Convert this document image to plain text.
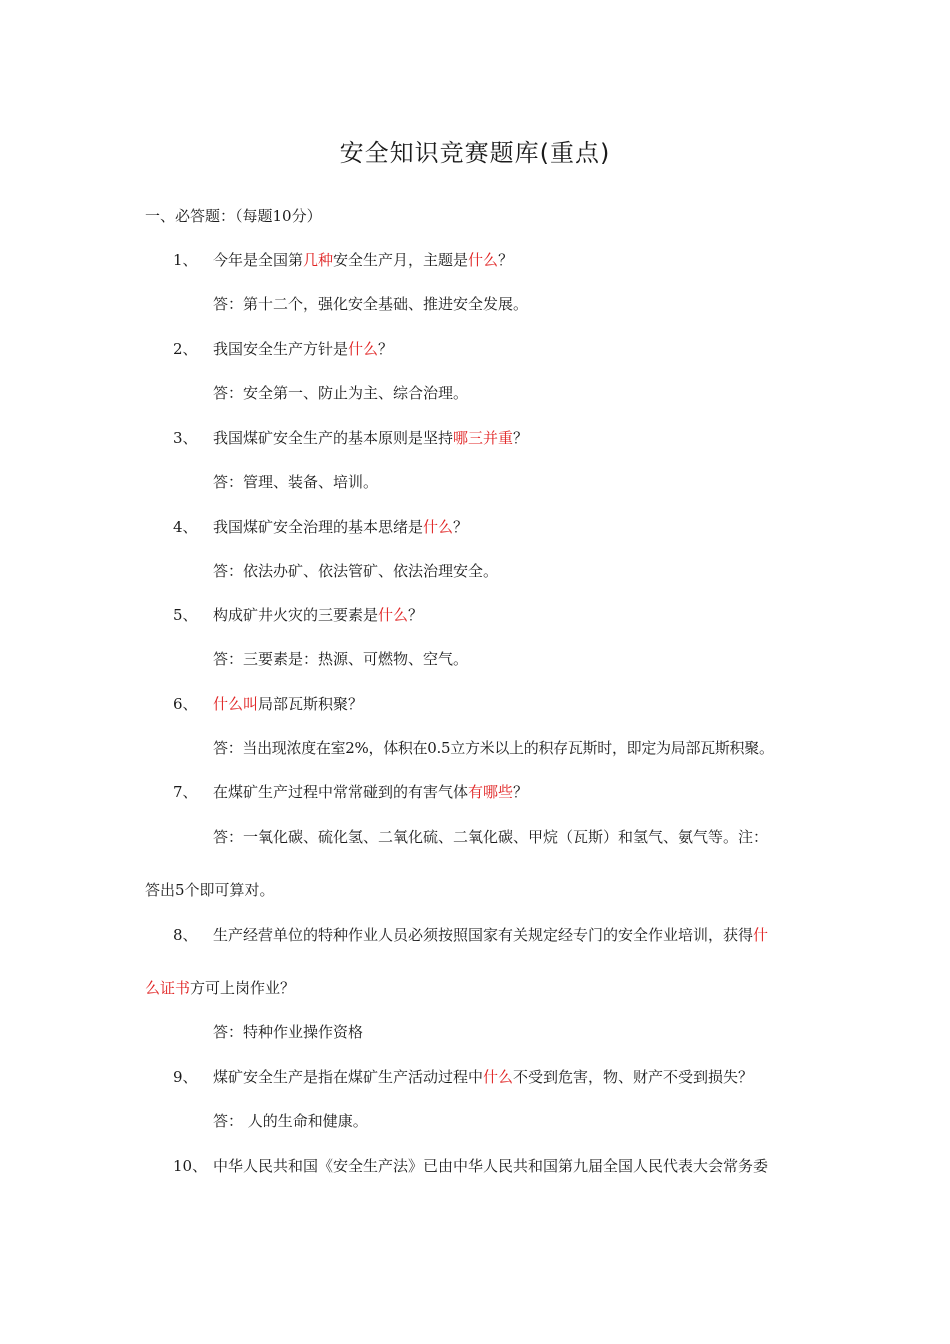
安全知识竞赛题库(重点)
一、必答题：（每题10分）
1、 今年是全国第几种安全生产月，主题是什么？
答：第十二个，强化安全基础、推进安全发展。
2、 我国安全生产方针是什么？
答：安全第一、防止为主、综合治理。
3、 我国煤矿安全生产的基本原则是坚持哪三并重？
答：管理、装备、培训。
4、 我国煤矿安全治理的基本思绪是什么？
答：依法办矿、依法管矿、依法治理安全。
5、 构成矿井火灾的三要素是什么？
答：三要素是：热源、可燃物、空气。
6、 什么叫局部瓦斯积聚？
答：当出现浓度在室2%，体积在0.5立方米以上的积存瓦斯时，即定为局部瓦斯积聚。
7、 在煤矿生产过程中常常碰到的有害气体有哪些？
答：一氧化碳、硫化氢、二氧化硫、二氧化碳、甲烷（瓦斯）和氢气、氨气等。注：
答出5个即可算对。
8、 生产经营单位的特种作业人员必须按照国家有关规定经专门的安全作业培训，获得什
么证书方可上岗作业？
答：特种作业操作资格
9、 煤矿安全生产是指在煤矿生产活动过程中什么不受到危害，物、财产不受到损失？
答： 人的生命和健康。
10、 中华人民共和国《安全生产法》已由中华人民共和国第九届全国人民代表大会常务委
